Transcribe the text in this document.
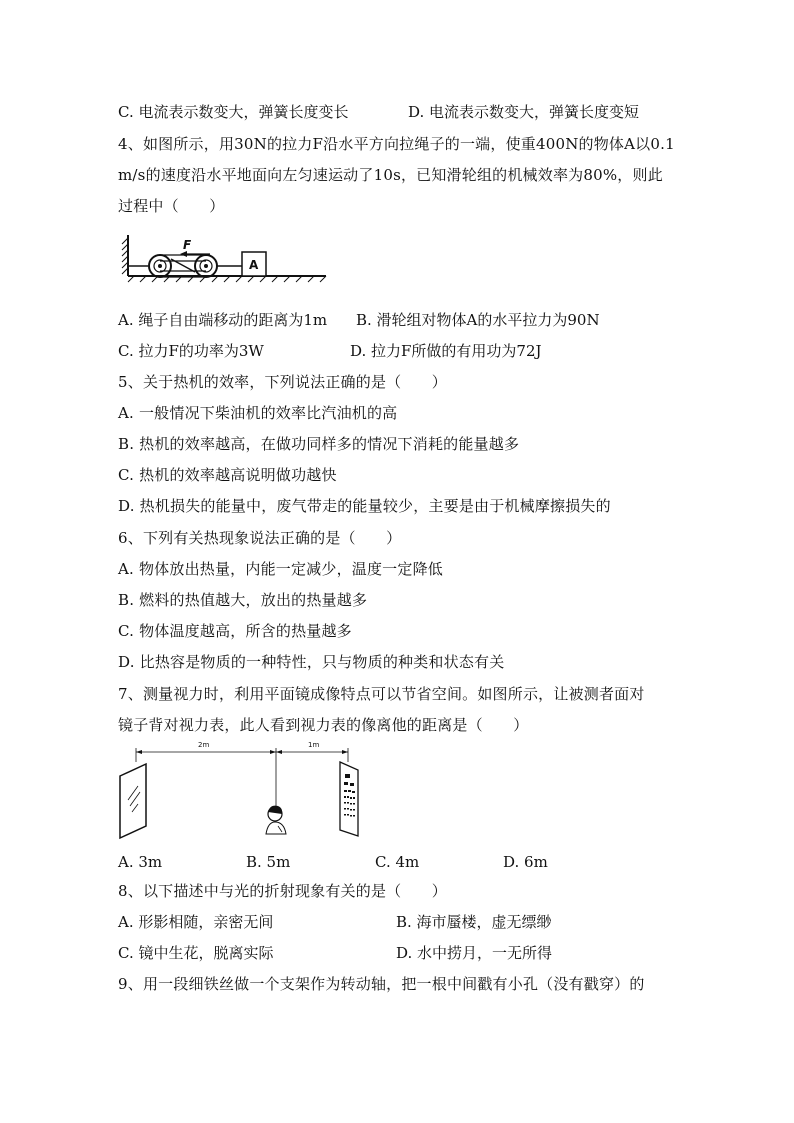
C. 电流表示数变大，弹簧长度变长	D. 电流表示数变大，弹簧长度变短
4、如图所示，用30N的拉力F沿水平方向拉绳子的一端，使重400N的物体A以0.1
m/s的速度沿水平地面向左匀速运动了10s，已知滑轮组的机械效率为80%，则此
过程中（　　）
F
A
A. 绳子自由端移动的距离为1m B. 滑轮组对物体A的水平拉力为90N
C. 拉力F的功率为3W	D. 拉力F所做的有用功为72J
5、关于热机的效率，下列说法正确的是（　　）
A. 一般情况下柴油机的效率比汽油机的高
B. 热机的效率越高，在做功同样多的情况下消耗的能量越多
C. 热机的效率越高说明做功越快
D. 热机损失的能量中，废气带走的能量较少，主要是由于机械摩擦损失的
6、下列有关热现象说法正确的是（　　）
A. 物体放出热量，内能一定减少，温度一定降低
B. 燃料的热值越大，放出的热量越多
C. 物体温度越高，所含的热量越多
D. 比热容是物质的一种特性，只与物质的种类和状态有关
7、测量视力时，利用平面镜成像特点可以节省空间。如图所示，让被测者面对
镜子背对视力表，此人看到视力表的像离他的距离是（　　）
2m	1m
A. 3m	B. 5m	C. 4m	D. 6m
8、以下描述中与光的折射现象有关的是（　　）
A. 形影相随，亲密无间	B. 海市蜃楼，虚无缥缈
C. 镜中生花，脱离实际	D. 水中捞月，一无所得
9、用一段细铁丝做一个支架作为转动轴，把一根中间戳有小孔（没有戳穿）的
